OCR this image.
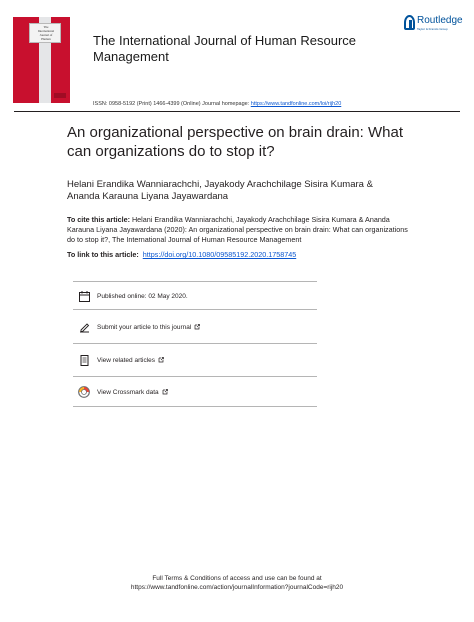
The
International
Journal of
Human	The International Journal of Human Resource Management
Routledge
Taylor & Francis Group
ISSN: 0958-5192 (Print) 1466-4399 (Online) Journal homepage: https://www.tandfonline.com/loi/rijh20
An organizational perspective on brain drain: What can organizations do to stop it?
Helani Erandika Wanniarachchi, Jayakody Arachchilage Sisira Kumara & Ananda Karauna Liyana Jayawardana
To cite this article: Helani Erandika Wanniarachchi, Jayakody Arachchilage Sisira Kumara & Ananda Karauna Liyana Jayawardana (2020): An organizational perspective on brain drain: What can organizations do to stop it?, The International Journal of Human Resource Management
To link to this article: https://doi.org/10.1080/09585192.2020.1758745
Published online: 02 May 2020.
Submit your article to this journal
View related articles
View Crossmark data
Full Terms & Conditions of access and use can be found at
https://www.tandfonline.com/action/journalInformation?journalCode=rijh20
